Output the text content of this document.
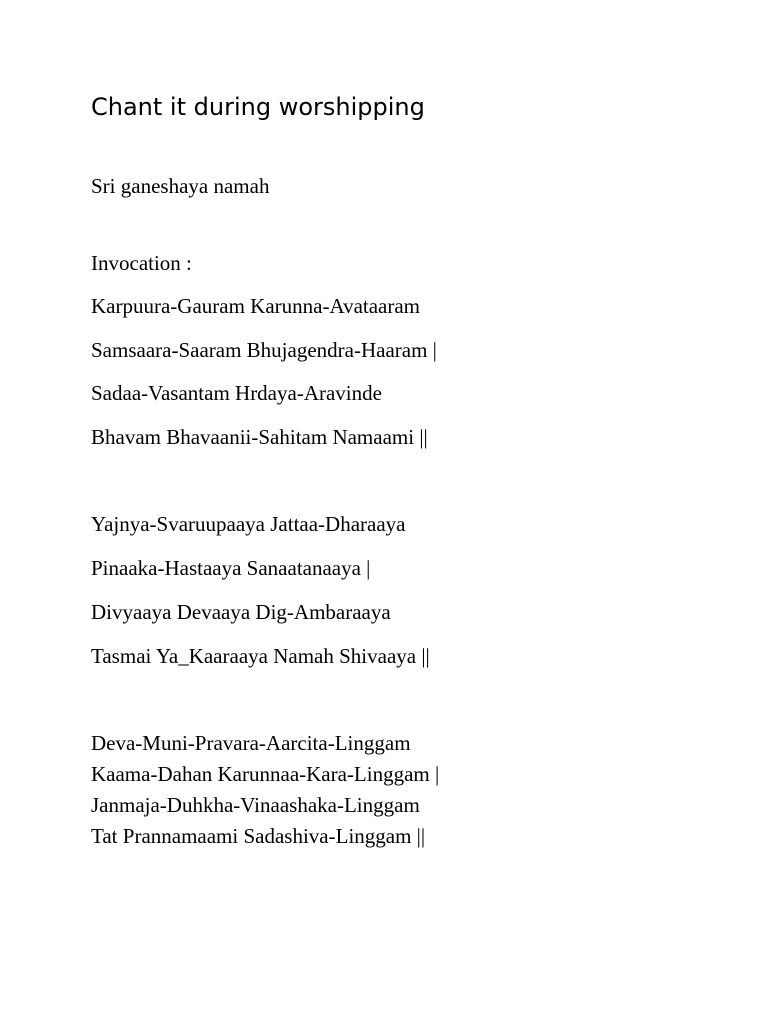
Chant it during worshipping

Sri ganeshaya namah

Invocation :

Karpuura-Gauram Karunna-Avataaram

Samsaara-Saaram Bhujagendra-Haaram |

Sadaa-Vasantam Hrdaya-Aravinde

Bhavam Bhavaanii-Sahitam Namaami ||

Yajnya-Svaruupaaya Jattaa-Dharaaya

Pinaaka-Hastaaya Sanaatanaaya |

Divyaaya Devaaya Dig-Ambaraaya

Tasmai Ya_Kaaraaya Namah Shivaaya ||

Deva-Muni-Pravara-Aarcita-Linggam

Kaama-Dahan Karunnaa-Kara-Linggam |

Janmaja-Duhkha-Vinaashaka-Linggam

Tat Prannamaami Sadashiva-Linggam ||
